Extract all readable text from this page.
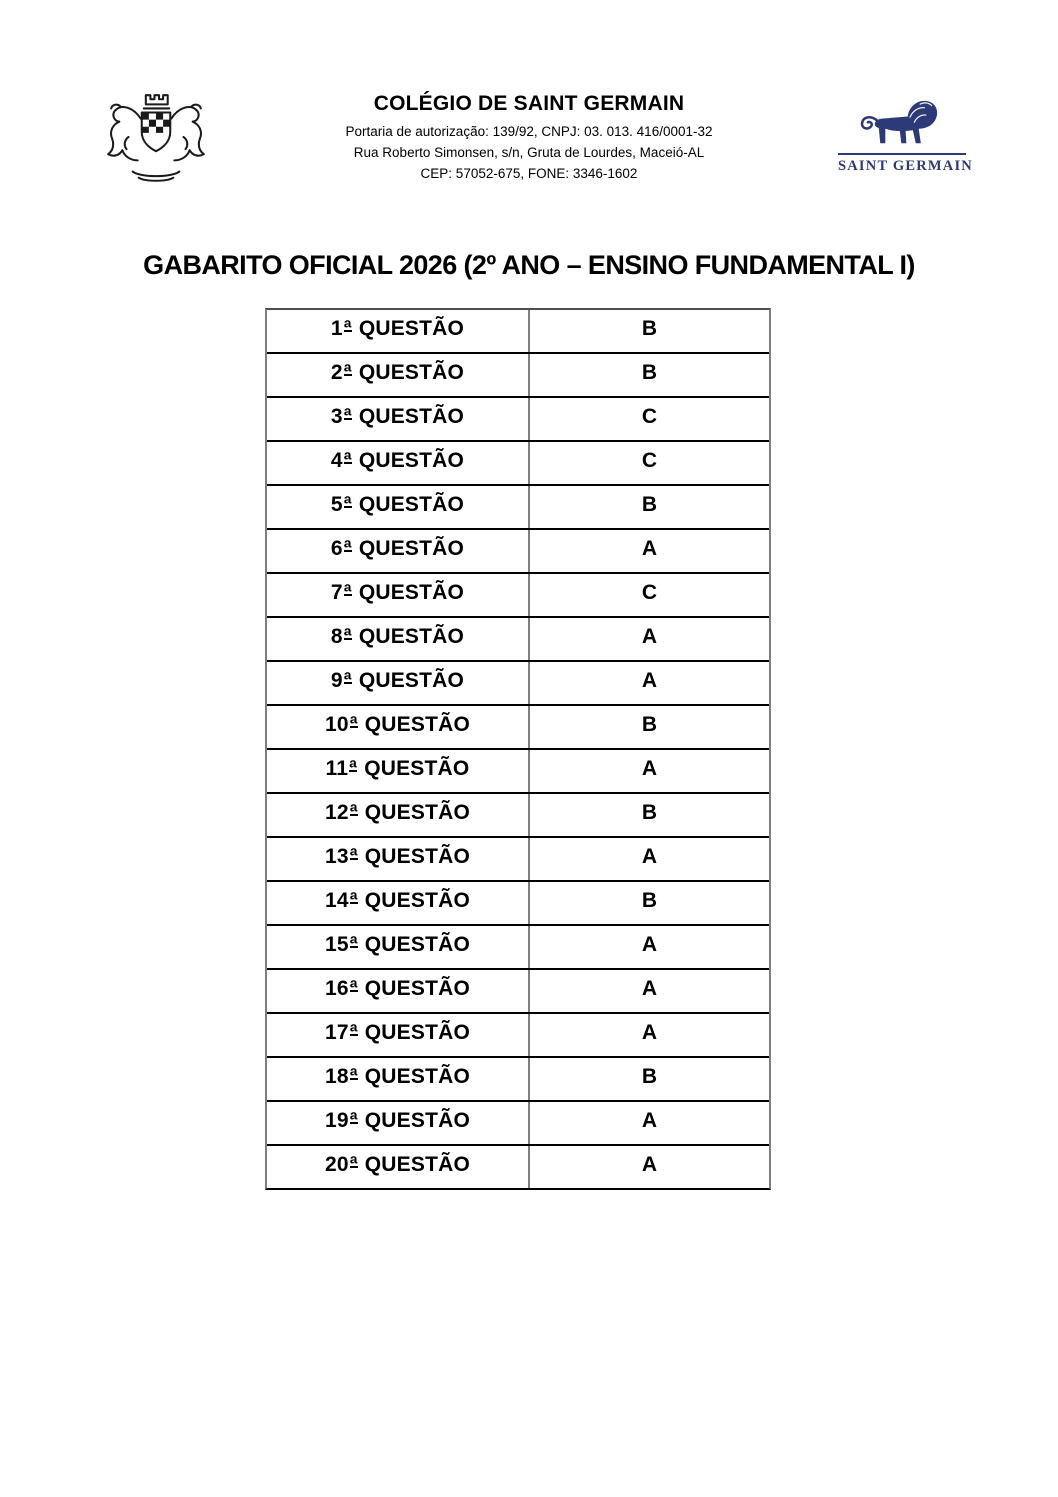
COLÉGIO DE SAINT GERMAIN
Portaria de autorização: 139/92, CNPJ: 03. 013. 416/0001-32
Rua Roberto Simonsen, s/n, Gruta de Lourdes, Maceió-AL
CEP: 57052-675, FONE: 3346-1602	SAINT GERMAIN
GABARITO OFICIAL 2026 (2º ANO – ENSINO FUNDAMENTAL I)
1ª QUESTÃO	B
2ª QUESTÃO	B
3ª QUESTÃO	C
4ª QUESTÃO	C
5ª QUESTÃO	B
6ª QUESTÃO	A
7ª QUESTÃO	C
8ª QUESTÃO	A
9ª QUESTÃO	A
10ª QUESTÃO	B
11ª QUESTÃO	A
12ª QUESTÃO	B
13ª QUESTÃO	A
14ª QUESTÃO	B
15ª QUESTÃO	A
16ª QUESTÃO	A
17ª QUESTÃO	A
18ª QUESTÃO	B
19ª QUESTÃO	A
20ª QUESTÃO	A
